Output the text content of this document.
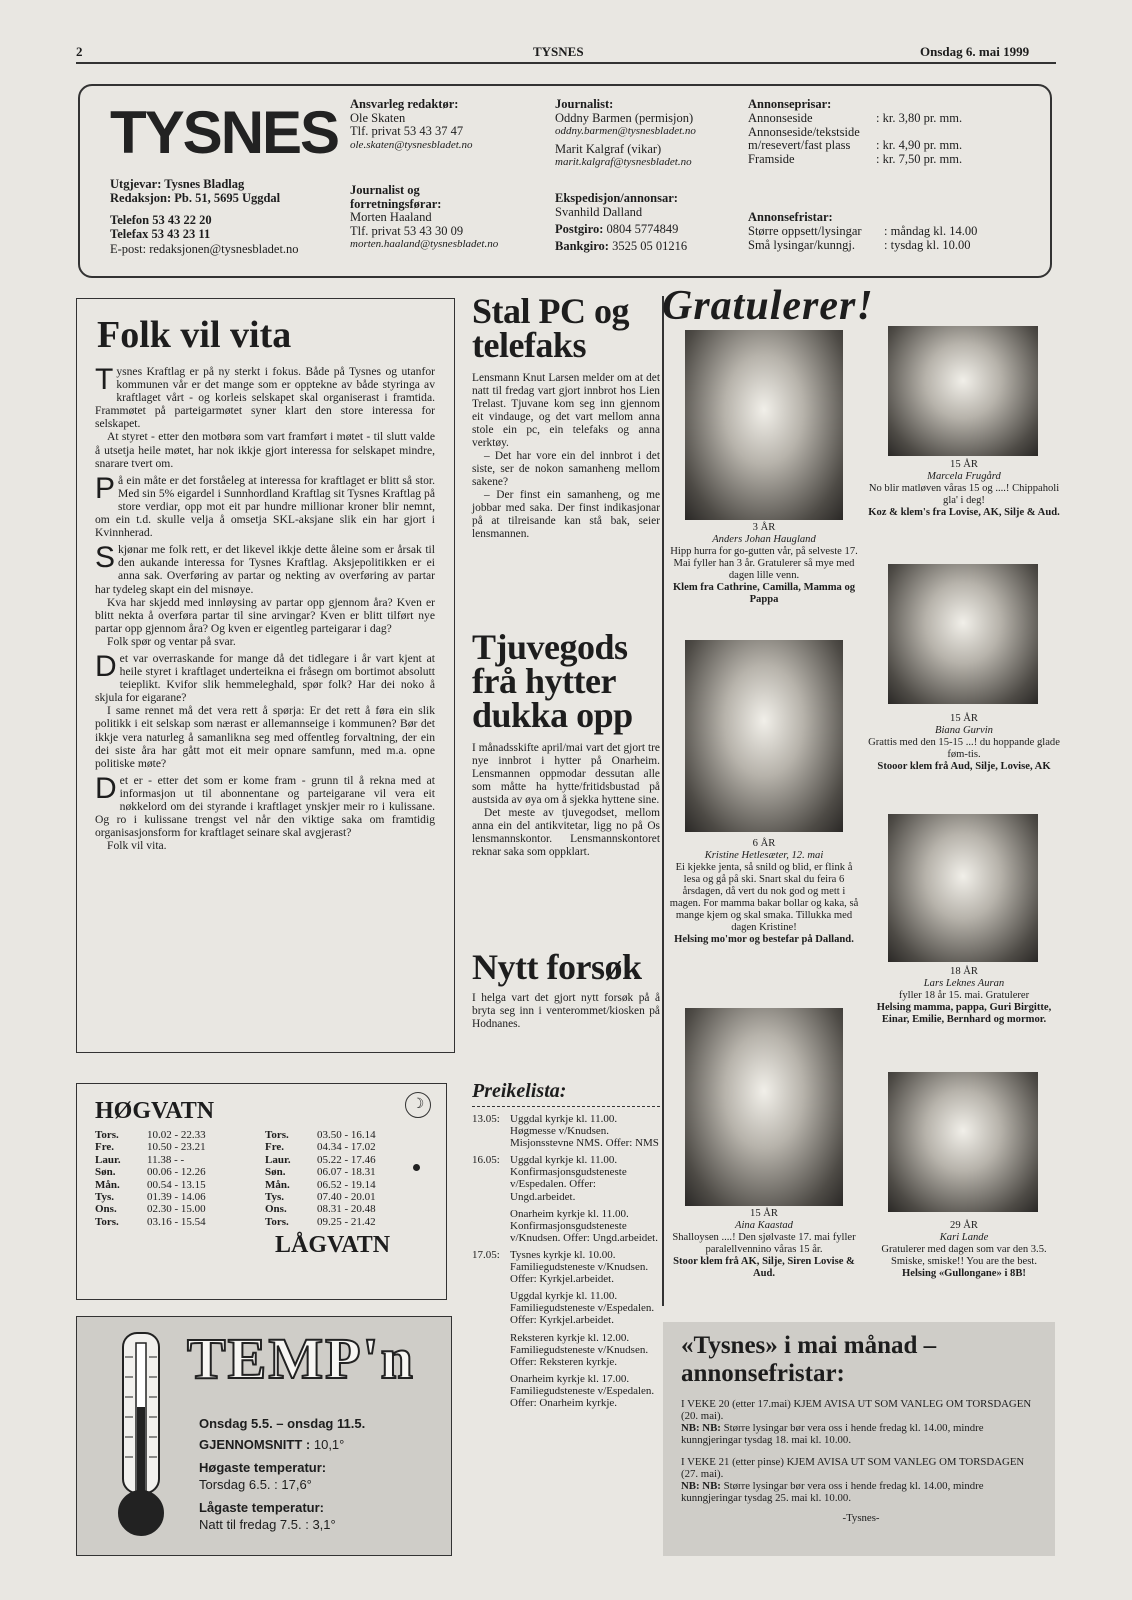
2	TYSNES	Onsdag 6. mai 1999
TYSNES
Utgjevar: Tysnes Bladlag
Redaksjon: Pb. 51, 5695 Uggdal
Telefon 53 43 22 20
Telefax 53 43 23 11
E-post: redaksjonen@tysnesbladet.no
Ansvarleg redaktør:
Ole Skaten
Tlf. privat 53 43 37 47
ole.skaten@tysnesbladet.no
Journalist og
forretningsførar:
Morten Haaland
Tlf. privat 53 43 30 09
morten.haaland@tysnesbladet.no
Journalist:
Oddny Barmen (permisjon)
oddny.barmen@tysnesbladet.no
Marit Kalgraf (vikar)
marit.kalgraf@tysnesbladet.no
Ekspedisjon/annonsar:
Svanhild Dalland
Postgiro: 0804 5774849
Bankgiro: 3525 05 01216
Annonseprisar:
Annonseside	: kr. 3,80 pr. mm.
Annonseside/tekstside
m/resevert/fast plass : kr. 4,90 pr. mm.
Framside	: kr. 7,50 pr. mm.
Annonsefristar:
Større oppsett/lysingar : måndag kl. 14.00
Små lysingar/kunngj. : tysdag kl. 10.00
Folk vil vita

Tysnes Kraftlag er på ny sterkt i fokus. Både på Tysnes og utanfor kommunen vår er det mange som er opptekne av både styringa av kraftlaget vårt - og korleis selskapet skal organiserast i framtida. Frammøtet på parteigarmøtet syner klart den store interessa for selskapet.

At styret - etter den motbøra som vart framført i møtet - til slutt valde å utsetja heile møtet, har nok ikkje gjort interessa for selskapet mindre, snarare tvert om.

På ein måte er det forståeleg at interessa for kraftlaget er blitt så stor. Med sin 5% eigardel i Sunnhordland Kraftlag sit Tysnes Kraftlag på store verdiar, opp mot eit par hundre millionar kroner blir nemnt, om ein t.d. skulle velja å omsetja SKL-aksjane slik ein har gjort i Kvinnherad.

Skjønar me folk rett, er det likevel ikkje dette åleine som er årsak til den aukande interessa for Tysnes Kraftlag. Aksjepolitikken er ei anna sak. Overføring av partar og nekting av overføring av partar har tydeleg skapt ein del misnøye.

Kva har skjedd med innløysing av partar opp gjennom åra? Kven er blitt nekta å overføra partar til sine arvingar? Kven er blitt tilført nye partar opp gjennom åra? Og kven er eigentleg parteigarar i dag?

Folk spør og ventar på svar.

Det var overraskande for mange då det tidlegare i år vart kjent at heile styret i kraftlaget underteikna ei fråsegn om bortimot absolutt teieplikt. Kvifor slik hemmeleghald, spør folk? Har dei noko å skjula for eigarane?

I same rennet må det vera rett å spørja: Er det rett å føra ein slik politikk i eit selskap som nærast er allemannseige i kommunen? Bør det ikkje vera naturleg å samanlikna seg med offentleg forvaltning, der ein dei siste åra har gått mot eit meir opnare samfunn, med m.a. opne politiske møte?

Det er - etter det som er kome fram - grunn til å rekna med at informasjon ut til abonnentane og parteigarane vil vera eit nøkkelord om dei styrande i kraftlaget ynskjer meir ro i kulissane. Og ro i kulissane trengst vel når den viktige saka om framtidig organisasjonsform for kraftlaget seinare skal avgjerast?

Folk vil vita.

HØGVATN	☽
Tors.	10.02 - 22.33
Fre.	10.50 - 23.21
Laur.	11.38 - -
Søn.	00.06 - 12.26
Mån.	00.54 - 13.15
Tys.	01.39 - 14.06
Ons.	02.30 - 15.00
Tors.	03.16 - 15.54
Tors.	03.50 - 16.14
Fre.	04.34 - 17.02
Laur.	05.22 - 17.46
Søn.	06.07 - 18.31
Mån.	06.52 - 19.14
Tys.	07.40 - 20.01
Ons.	08.31 - 20.48
Tors.	09.25 - 21.42
LÅGVATN
TEMP'n
Onsdag 5.5. – onsdag 11.5.
GJENNOMSNITT : 10,1°
Høgaste temperatur:
Torsdag 6.5. : 17,6°
Lågaste temperatur:
Natt til fredag 7.5. : 3,1°
Stal PC og
telefaks

Lensmann Knut Larsen melder om at det natt til fredag vart gjort innbrot hos Lien Trelast. Tjuvane kom seg inn gjennom eit vindauge, og det vart mellom anna stole ein pc, ein telefaks og anna verktøy.

– Det har vore ein del innbrot i det siste, ser de nokon samanheng mellom sakene?

– Der finst ein samanheng, og me jobbar med saka. Der finst indikasjonar på at tilreisande kan stå bak, seier lensmannen.

Tjuvegods
frå hytter
dukka opp

I månadsskifte april/mai vart det gjort tre nye innbrot i hytter på Onarheim. Lensmannen oppmodar dessutan alle som måtte ha hytte/fritidsbustad på austsida av øya om å sjekka hyttene sine.

Det meste av tjuvegodset, mellom anna ein del antikvitetar, ligg no på Os lensmannskontor. Lensmannskontoret reknar saka som oppklart.

Nytt forsøk

I helga vart det gjort nytt forsøk på å bryta seg inn i venterommet/kiosken på Hodnanes.

Preikelista:
13.05: Uggdal kyrkje kl. 11.00. Høgmesse v/Knudsen. Misjonsstevne NMS. Offer: NMS
16.05: Uggdal kyrkje kl. 11.00. Konfirmasjonsgudsteneste v/Espedalen. Offer: Ungd.arbeidet.
Onarheim kyrkje kl. 11.00. Konfirmasjonsgudsteneste v/Knudsen. Offer: Ungd.arbeidet.
17.05: Tysnes kyrkje kl. 10.00. Familiegudsteneste v/Knudsen. Offer: Kyrkjel.arbeidet.
Uggdal kyrkje kl. 11.00. Familiegudsteneste v/Espedalen. Offer: Kyrkjel.arbeidet.
Reksteren kyrkje kl. 12.00. Familiegudsteneste v/Knudsen. Offer: Reksteren kyrkje.
Onarheim kyrkje kl. 17.00. Familiegudsteneste v/Espedalen. Offer: Onarheim kyrkje.
Gratulerer!
3 ÅR
Anders Johan Haugland
Hipp hurra for go-gutten vår, på selveste 17. Mai fyller han 3 år. Gratulerer så mye med dagen lille venn.
Klem fra Cathrine, Camilla, Mamma og Pappa
15 ÅR
Marcela Frugård
No blir matløven våras 15 og ....! Chippaholi gla' i deg!
Koz & klem's fra Lovise, AK, Silje & Aud.
6 ÅR
Kristine Hetlesæter, 12. mai
Ei kjekke jenta, så snild og blid, er flink å lesa og gå på ski. Snart skal du feira 6 årsdagen, då vert du nok god og mett i magen. For mamma bakar bollar og kaka, så mange kjem og skal smaka. Tillukka med dagen Kristine!
Helsing mo'mor og bestefar på Dalland.
15 ÅR
Biana Gurvin
Grattis med den 15-15 ...! du hoppande glade føm-tis.
Stooor klem frå Aud, Silje, Lovise, AK
18 ÅR
Lars Leknes Auran
fyller 18 år 15. mai. Gratulerer
Helsing mamma, pappa, Guri Birgitte, Einar, Emilie, Bernhard og mormor.
15 ÅR
Aina Kaastad
Shalloysen ....! Den sjølvaste 17. mai fyller paralellvennino våras 15 år.
Stoor klem frå AK, Silje, Siren Lovise & Aud.
29 ÅR
Kari Lande
Gratulerer med dagen som var den 3.5. Smiske, smiske!! You are the best.
Helsing «Gullongane» i 8B!
«Tysnes» i mai månad –
annonsefristar:

I VEKE 20 (etter 17.mai) KJEM AVISA UT SOM VANLEG OM TORSDAGEN (20. mai).

NB: NB: Større lysingar bør vera oss i hende fredag kl. 14.00, mindre kunngjeringar tysdag 18. mai kl. 10.00.

I VEKE 21 (etter pinse) KJEM AVISA UT SOM VANLEG OM TORSDAGEN (27. mai).

NB: NB: Større lysingar bør vera oss i hende fredag kl. 14.00, mindre kunngjeringar tysdag 25. mai kl. 10.00.

-Tysnes-
